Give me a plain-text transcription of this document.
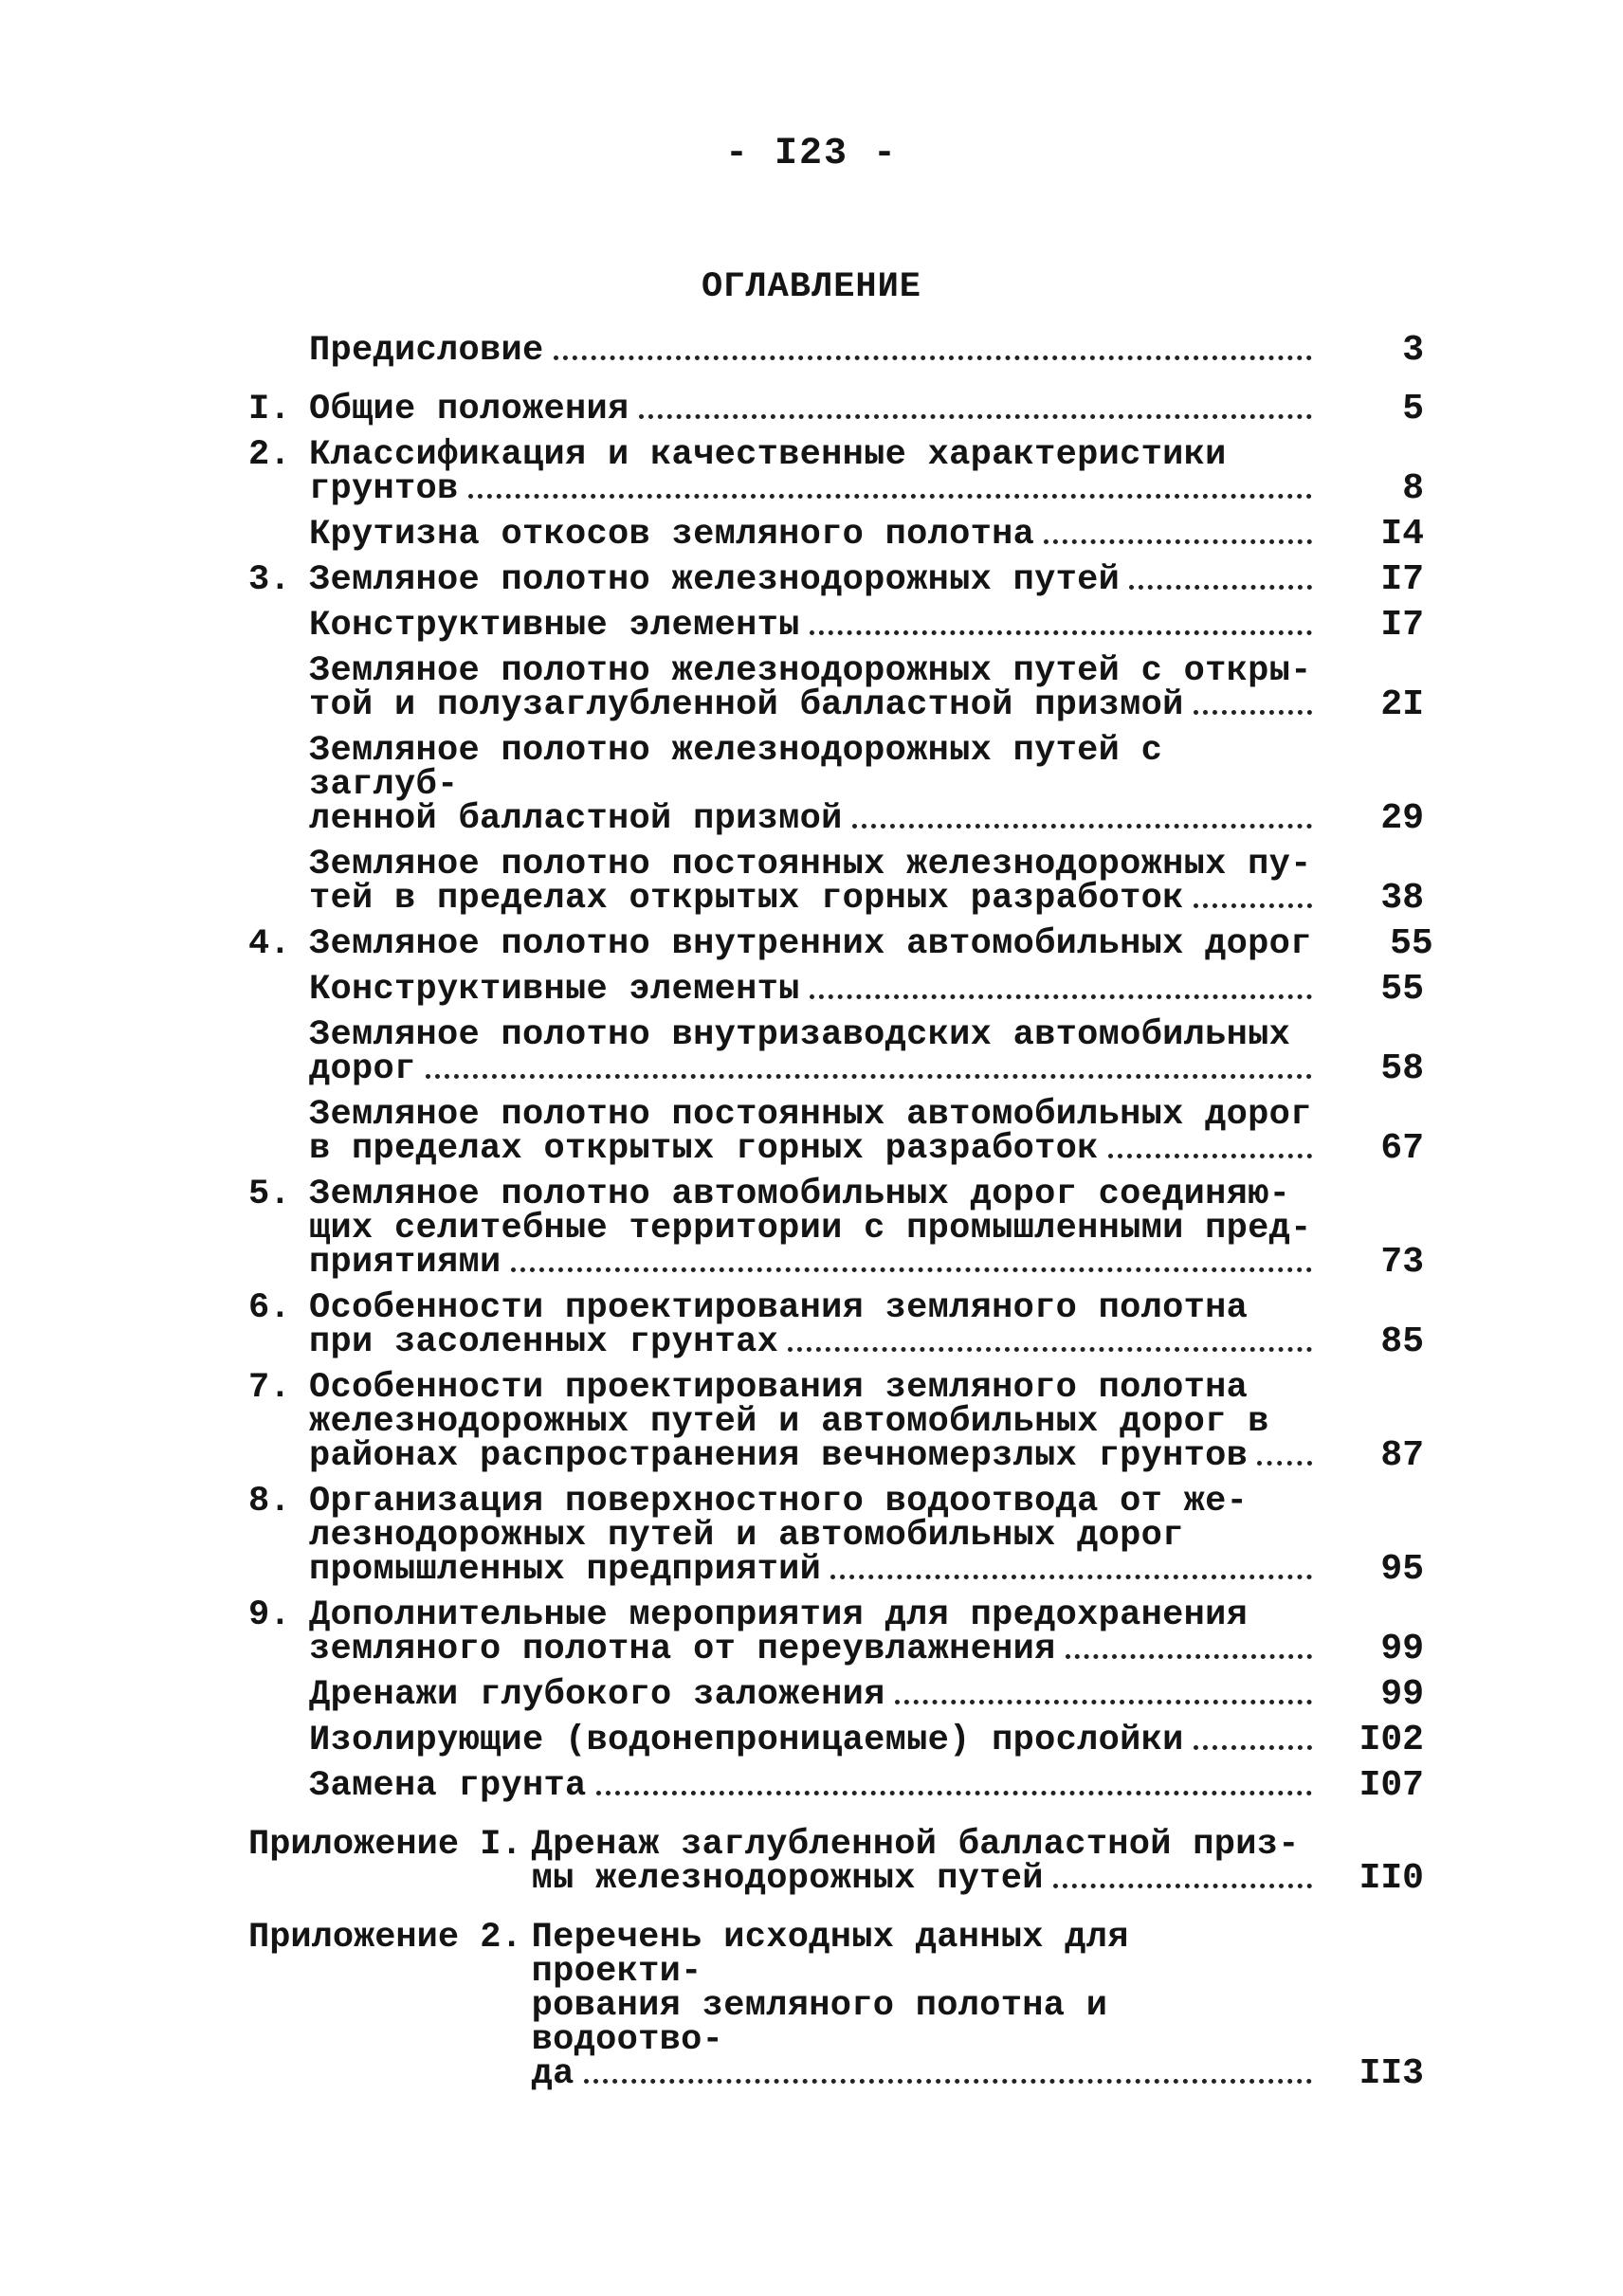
- I23 -
ОГЛАВЛЕНИЕ
Предисловие	3
I. Общие положения	5
2. Классификация и качественные характеристики
грунтов	8
Крутизна откосов земляного полотна	I4
3. Земляное полотно железнодорожных путей	I7
Конструктивные элементы	I7
Земляное полотно железнодорожных путей с откры-
той и полузаглубленной балластной призмой	2I
Земляное полотно железнодорожных путей с заглуб-
ленной балластной призмой	29
Земляное полотно постоянных железнодорожных пу-
тей в пределах открытых горных разработок	38
4. Земляное полотно внутренних автомобильных дорог	55
Конструктивные элементы	55
Земляное полотно внутризаводских автомобильных
дорог	58
Земляное полотно постоянных автомобильных дорог
в пределах открытых горных разработок	67
5. Земляное полотно автомобильных дорог соединяю-
щих селитебные территории с промышленными пред-
приятиями	73
6. Особенности проектирования земляного полотна
при засоленных грунтах	85
7. Особенности проектирования земляного полотна
железнодорожных путей и автомобильных дорог в
районах распространения вечномерзлых грунтов	87
8. Организация поверхностного водоотвода от же-
лезнодорожных путей и автомобильных дорог
промышленных предприятий	95
9. Дополнительные мероприятия для предохранения
земляного полотна от переувлажнения	99
Дренажи глубокого заложения	99
Изолирующие (водонепроницаемые) прослойки	I02
Замена грунта	I07
Приложение I. Дренаж заглубленной балластной приз-
мы железнодорожных путей	II0
Приложение 2. Перечень исходных данных для проекти-
рования земляного полотна и водоотво-
да	II3
